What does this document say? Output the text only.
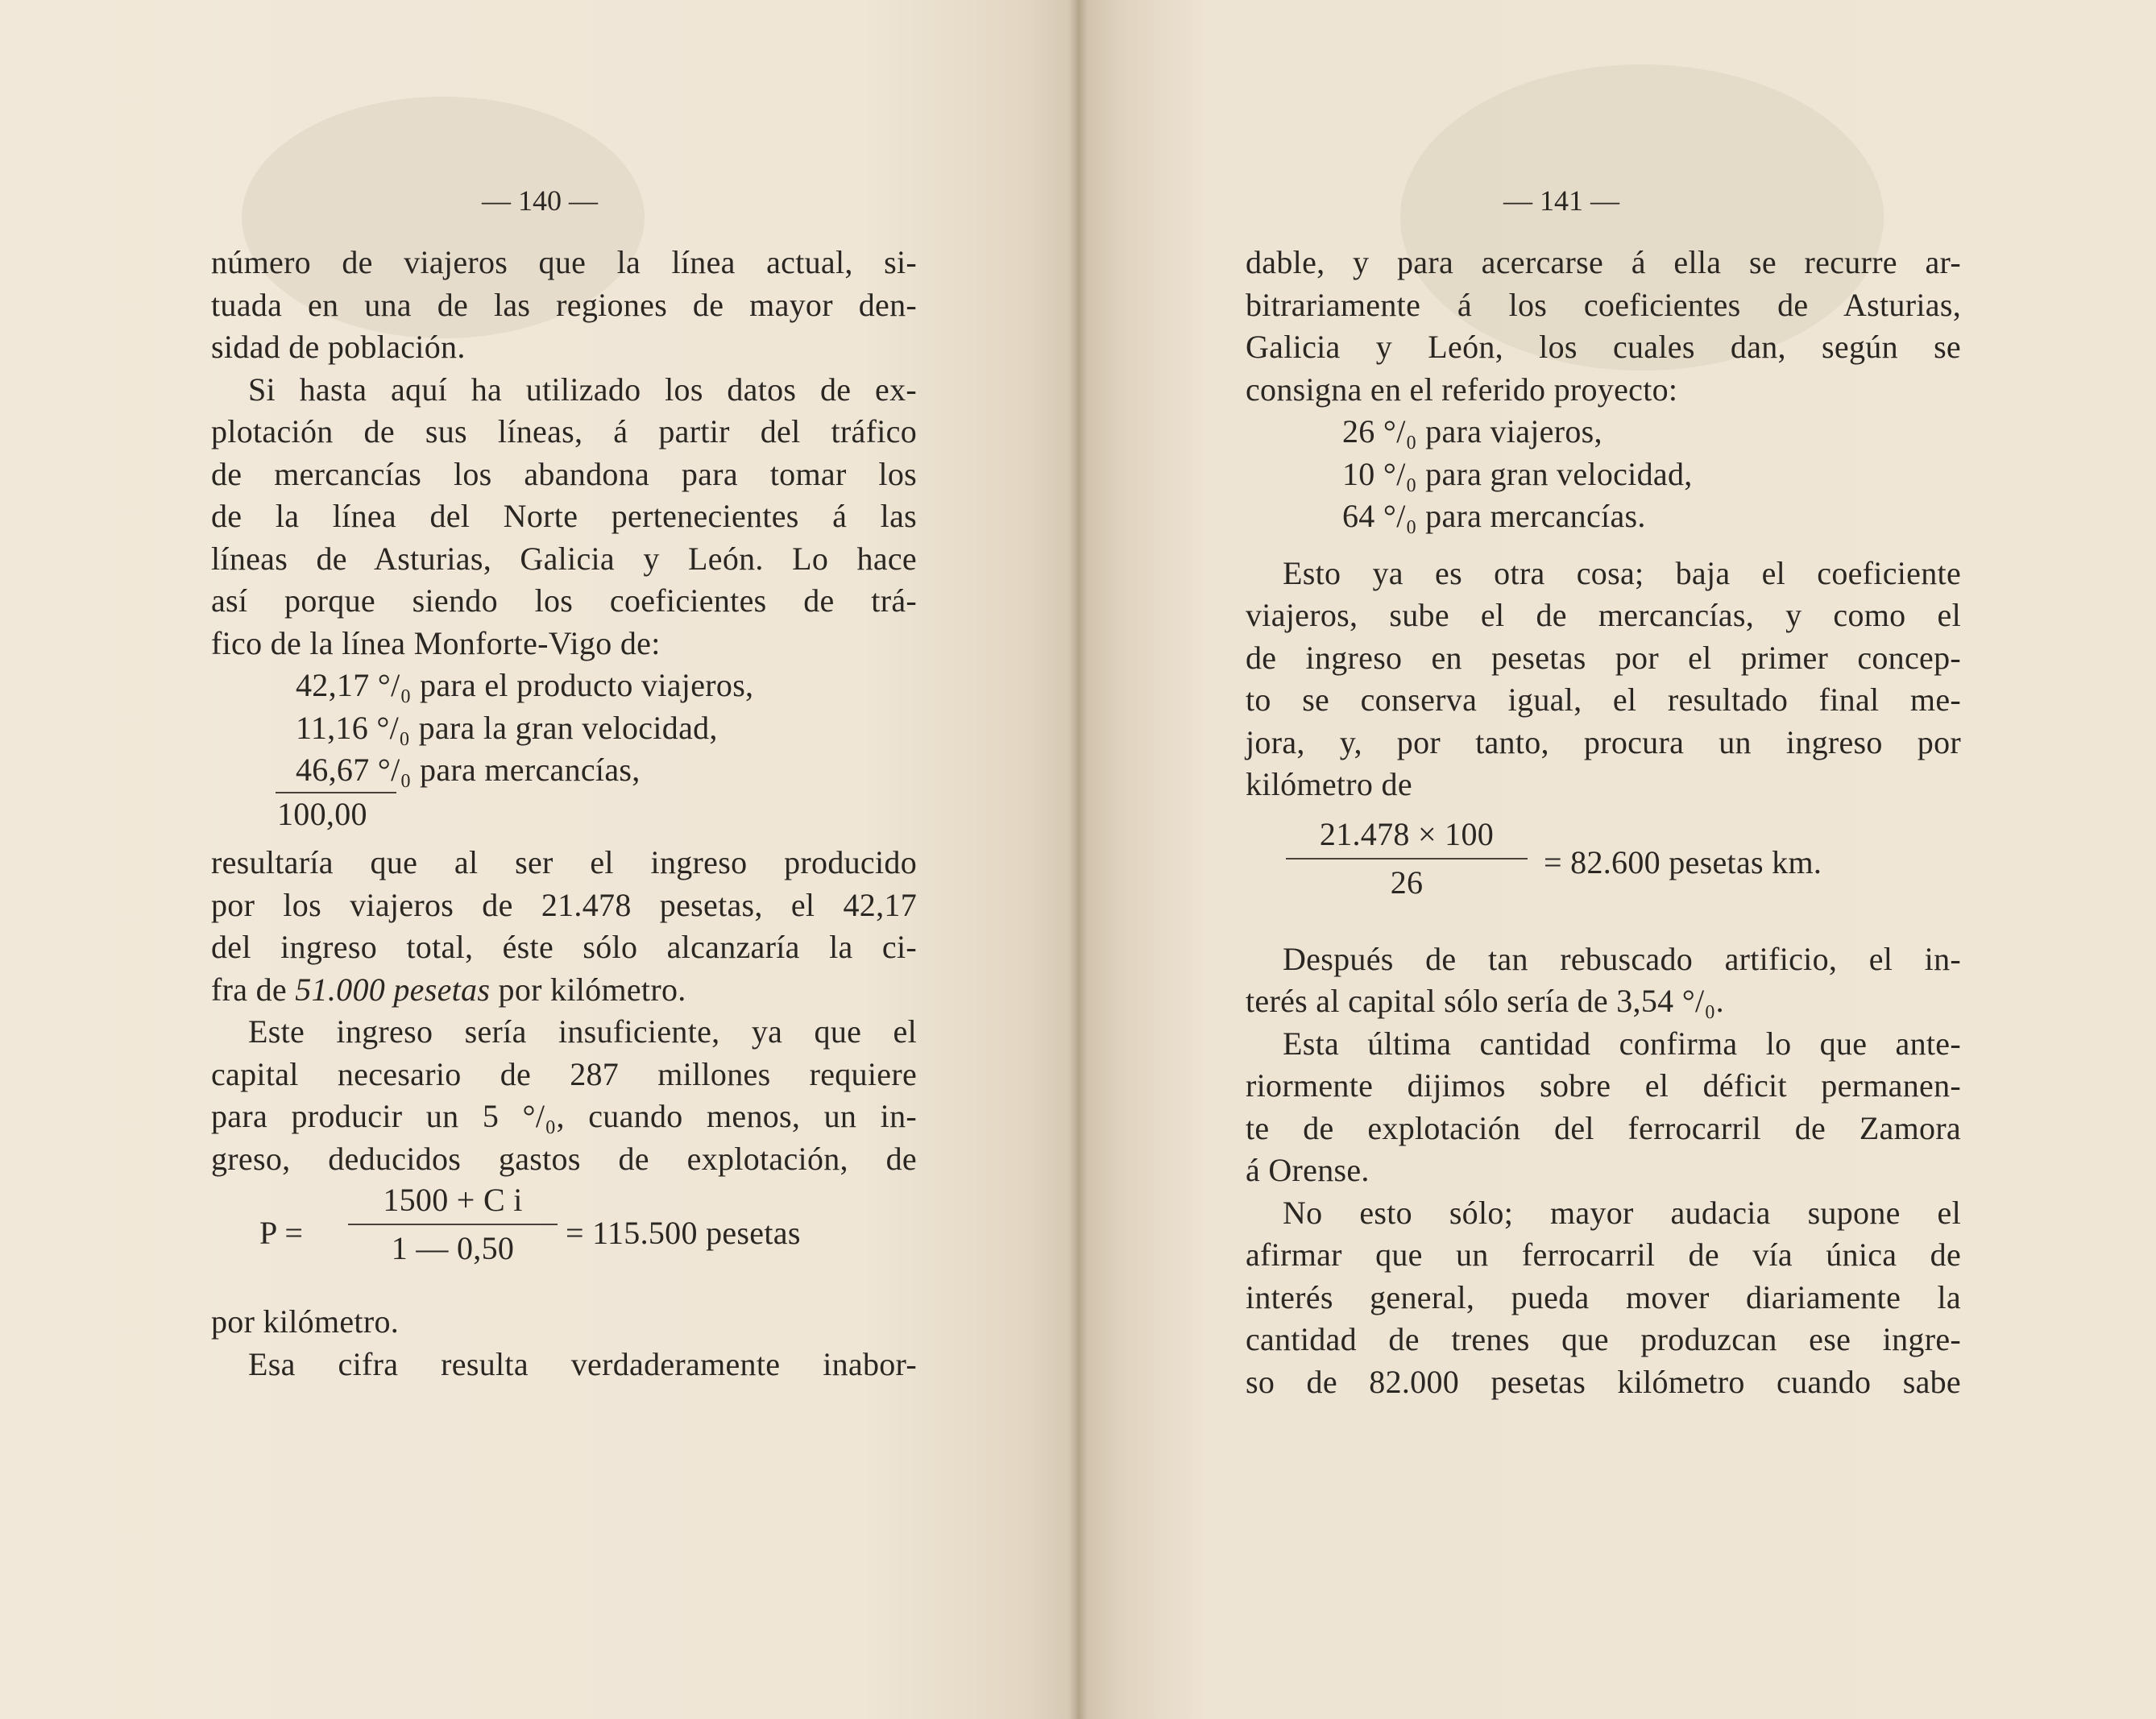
— 140 —
número de viajeros que la línea actual, si-
tuada en una de las regiones de mayor den-
sidad de población.
Si hasta aquí ha utilizado los datos de ex-
plotación de sus líneas, á partir del tráfico
de mercancías los abandona para tomar los
de la línea del Norte pertenecientes á las
líneas de Asturias, Galicia y León. Lo hace
así porque siendo los coeficientes de trá-
fico de la línea Monforte-Vigo de:
42,17 °/₀ para el producto viajeros,
11,16 °/₀ para la gran velocidad,
46,67 °/₀ para mercancías,
100,00
resultaría que al ser el ingreso producido
por los viajeros de 21.478 pesetas, el 42,17
del ingreso total, éste sólo alcanzaría la ci-
fra de 51.000 pesetas por kilómetro.
Este ingreso sería insuficiente, ya que el
capital necesario de 287 millones requiere
para producir un 5 °/₀, cuando menos, un in-
greso, deducidos gastos de explotación, de
P =
1500 + C i
1 — 0,50	= 115.500 pesetas
por kilómetro.
Esa cifra resulta verdaderamente inabor-
— 141 —
dable, y para acercarse á ella se recurre ar-
bitrariamente á los coeficientes de Asturias,
Galicia y León, los cuales dan, según se
consigna en el referido proyecto:
26 °/₀ para viajeros,
10 °/₀ para gran velocidad,
64 °/₀ para mercancías.
Esto ya es otra cosa; baja el coeficiente
viajeros, sube el de mercancías, y como el
de ingreso en pesetas por el primer concep-
to se conserva igual, el resultado final me-
jora, y, por tanto, procura un ingreso por
kilómetro de
21.478 × 100
26
= 82.600 pesetas km.
Después de tan rebuscado artificio, el in-
terés al capital sólo sería de 3,54 °/₀.
Esta última cantidad confirma lo que ante-
riormente dijimos sobre el déficit permanen-
te de explotación del ferrocarril de Zamora
á Orense.
No esto sólo; mayor audacia supone el
afirmar que un ferrocarril de vía única de
interés general, pueda mover diariamente la
cantidad de trenes que produzcan ese ingre-
so de 82.000 pesetas kilómetro cuando sabe
